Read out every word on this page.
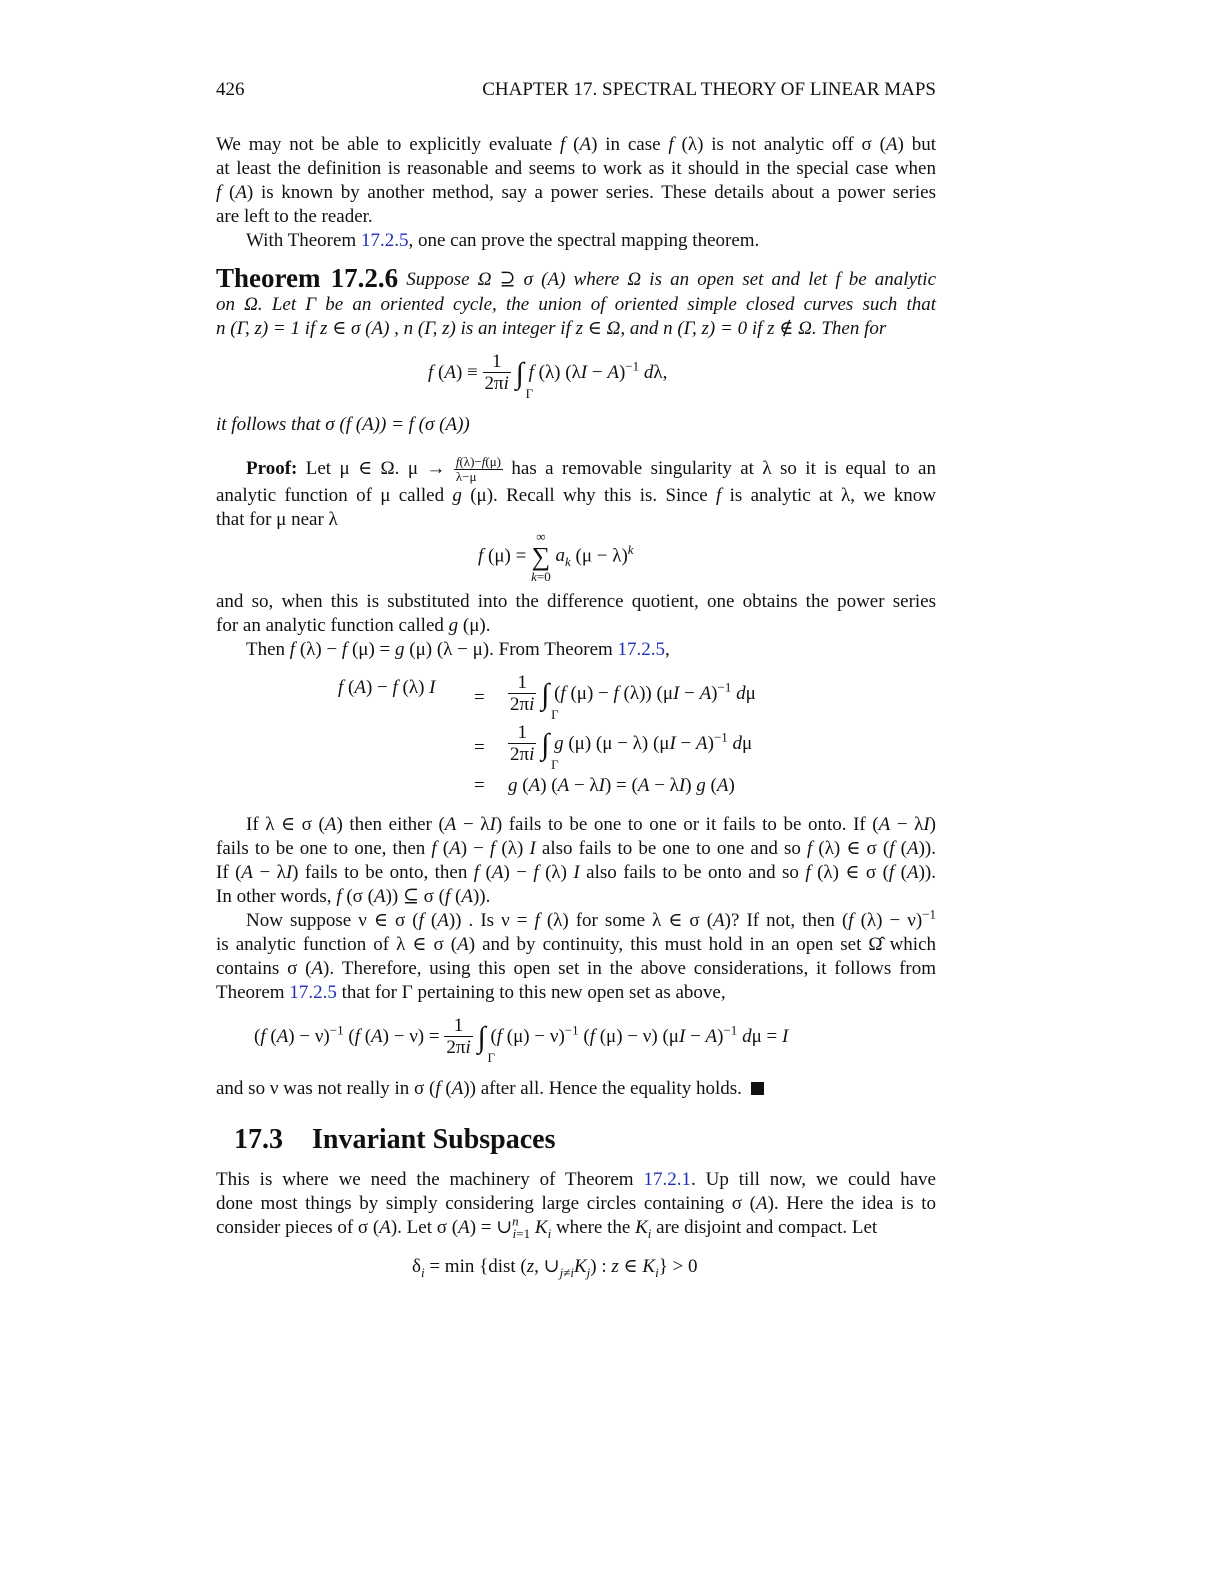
426	CHAPTER 17. SPECTRAL THEORY OF LINEAR MAPS
We may not be able to explicitly evaluate f (A) in case f (λ) is not analytic off σ (A) but
at least the definition is reasonable and seems to work as it should in the special case when
f (A) is known by another method, say a power series. These details about a power series
are left to the reader.
With Theorem 17.2.5, one can prove the spectral mapping theorem.
Theorem 17.2.6 Suppose Ω ⊇ σ (A) where Ω is an open set and let f be analytic
on Ω. Let Γ be an oriented cycle, the union of oriented simple closed curves such that
n (Γ, z) = 1 if z ∈ σ (A) , n (Γ, z) is an integer if z ∈ Ω, and n (Γ, z) = 0 if z ∉ Ω. Then for
f $(A) \equiv \frac{1}{2\pi i}$ ∫
Γ
f (λ) $(\lambda I - A)^{-1}$ dλ,
it follows that σ (f (A)) = f (σ (A))
Proof: Let μ ∈ Ω. $\mu \to \frac{f(\lambda)-f(\mu)}{\lambda-\mu}$ has a removable singularity at λ so it is equal to an
analytic function of μ called g (μ). Recall why this is. Since f is analytic at λ, we know
that for μ near λ
f (μ) =
∞
∑
k=0
$a_k$ $(\mu - \lambda)^k$
and so, when this is substituted into the difference quotient, one obtains the power series
for an analytic function called g (μ).
Then f (λ) − f (μ) = g (μ) (λ − μ). From Theorem 17.2.5,
f (A) − f (λ) $I = \frac{1}{2\pi i}$ ∫
Γ
(f (μ) − f (λ)) $(\mu I - A)^{-1}$ dμ
= $\frac{1}{2\pi i}$ ∫
Γ
g (μ) (μ − λ) $(\mu I - A)^{-1}$ dμ
= g (A) (A − λI) = (A − λI) g (A)
If λ ∈ σ (A) then either (A − λI) fails to be one to one or it fails to be onto. If (A − λI)
fails to be one to one, then f (A) − f (λ) I also fails to be one to one and so f (λ) ∈ σ (f (A)).
If (A − λI) fails to be onto, then f (A) − f (λ) I also fails to be onto and so f (λ) ∈ σ (f (A)).
In other words, f (σ (A)) ⊆ σ (f (A)).
Now suppose ν ∈ σ (f (A)) . Is ν = f (λ) for some λ ∈ σ (A)? If not, then (f (λ) − ν)$^{-1}$
is analytic function of λ ∈ σ (A) and by continuity, this must hold in an open set Ω̂ which
contains σ (A). Therefore, using this open set in the above considerations, it follows from
Theorem 17.2.5 that for Γ pertaining to this new open set as above,
(f (A) − ν)$^{-1}$ (f $(A) - \nu) = \frac{1}{2\pi i}$ ∫
Γ
(f (μ) − ν)$^{-1}$ (f (μ) − ν) $(\mu I - A)^{-1}$ dμ = I
and so ν was not really in σ (f (A)) after all. Hence the equality holds.
17.3 Invariant Subspaces
This is where we need the machinery of Theorem 17.2.1. Up till now, we could have
done most things by simply considering large circles containing σ (A). Here the idea is to
consider pieces of σ (A). Let σ (A) = ∪$^n_{i=1}$ $K_i$ where the $K_i$ are disjoint and compact. Let
$\delta_i = \min$ {dist (z, $\cup_{j\ne i}K_j$) : z ∈ $K_i\} > 0$
